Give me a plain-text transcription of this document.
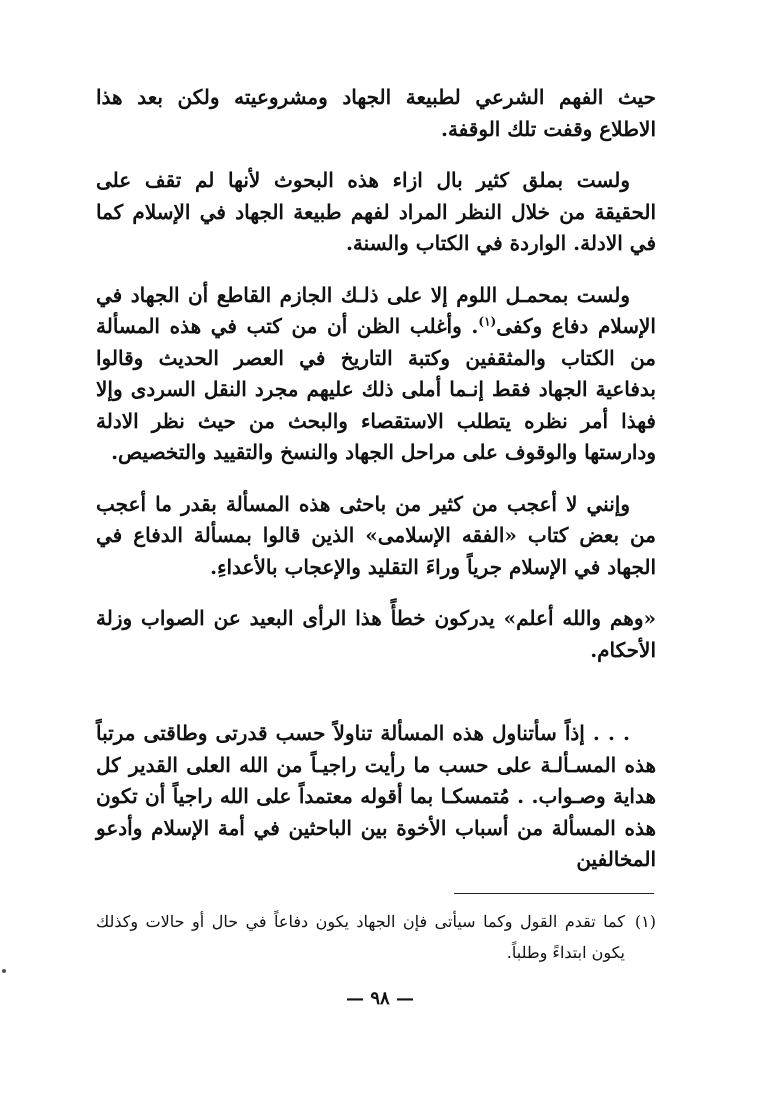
حيث الفهم الشرعي لطبيعة الجهاد ومشروعيته ولكن بعد هذا الاطلاع وقفت تلك الوقفة.

ولست بملق كثير بال ازاء هذه البحوث لأنها لم تقف على الحقيقة من خلال النظر المراد لفهم طبيعة الجهاد في الإسلام كما في الادلة. الواردة في الكتاب والسنة.

ولست بمحمـل اللوم إلا على ذلـك الجازم القاطع أن الجهاد في الإسلام دفاع وكفى$^{(١)}$. وأغلب الظن أن من كتب في هذه المسألة من الكتاب والمثقفين وكتبة التاريخ في العصر الحديث وقالوا بدفاعية الجهاد فقط إنـما أملى ذلك عليهم مجرد النقل السردى وإلا فهذا أمر نظره يتطلب الاستقصاء والبحث من حيث نظر الادلة ودارستها والوقوف على مراحل الجهاد والنسخ والتقييد والتخصيص.

وإنني لا أعجب من كثير من باحثى هذه المسألة بقدر ما أعجب من بعض كتاب «الفقه الإسلامى» الذين قالوا بمسألة الدفاع في الجهاد في الإسلام جرياً وراءَ التقليد والإعجاب بالأعداءِ.

«وهم والله أعلم» يدركون خطأً هذا الرأى البعيد عن الصواب وزلة الأحكام.

. . . إذاً سأتناول هذه المسألة تناولاً حسب قدرتى وطاقتى مرتباً هذه المسـألـة على حسب ما رأيت راجيـاً من الله العلى القدير كل هداية وصـواب. . مُتمسكـا بما أقوله معتمداً على الله راجياً أن تكون هذه المسألة من أسباب الأخوة بين الباحثين في أمة الإسلام وأدعو المخالفين

(١)
كما تقدم القول وكما سيأتى فإن الجهاد يكون دفاعاً في حال أو حالات وكذلك يكون ابتداءً وطلباً.
— ٩٨ —
